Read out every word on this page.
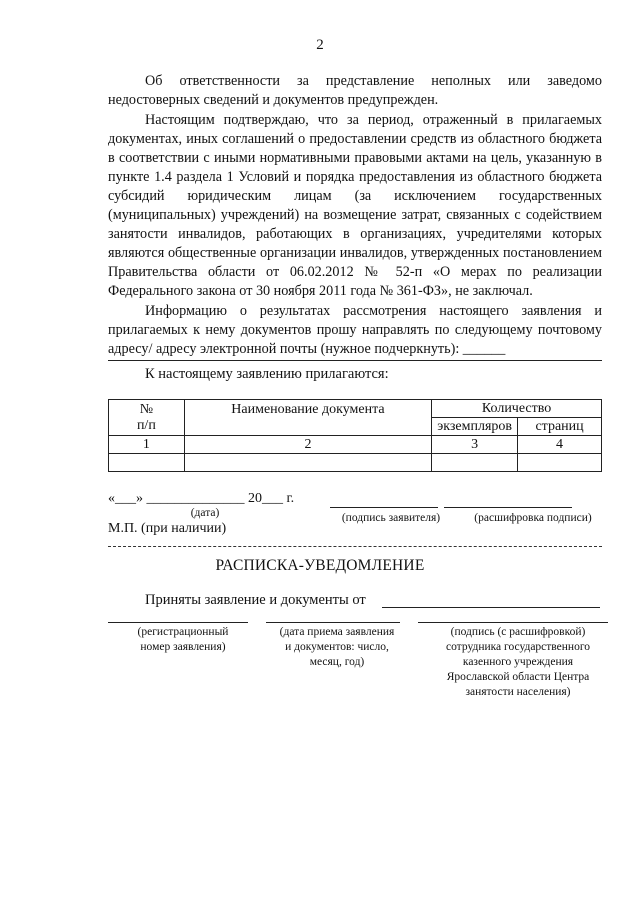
2

Об ответственности за представление неполных или заведомо недостоверных сведений и документов предупрежден.

Настоящим подтверждаю, что за период, отраженный в прилагаемых документах, иных соглашений о предоставлении средств из областного бюджета в соответствии с иными нормативными правовыми актами на цель, указанную в пункте 1.4 раздела 1 Условий и порядка предоставления из областного бюджета субсидий юридическим лицам (за исключением государственных (муниципальных) учреждений) на возмещение затрат, связанных с содействием занятости инвалидов, работающих в организациях, учредителями которых являются общественные организации инвалидов, утвержденных постановлением Правительства области от 06.02.2012 № 52-п «О мерах по реализации Федерального закона от 30 ноября 2011 года № 361-ФЗ», не заключал.

Информацию о результатах рассмотрения настоящего заявления и прилагаемых к нему документов прошу направлять по следующему почтовому адресу/ адресу электронной почты (нужное подчеркнуть): ______

К настоящему заявлению прилагаются:
№
п/п	Наименование документа	Количество	
		экземпляров	страниц
1	2	3	4

«___» ______________ 20___ г.
(дата)	(подпись заявителя)	(расшифровка подписи)
М.П. (при наличии)
РАСПИСКА-УВЕДОМЛЕНИЕ
Приняты заявление и документы от
(регистрационный
номер заявления)
(дата приема заявления
и документов: число,
месяц, год)
(подпись (с расшифровкой)
сотрудника государственного
казенного учреждения
Ярославской области Центра
занятости населения)
